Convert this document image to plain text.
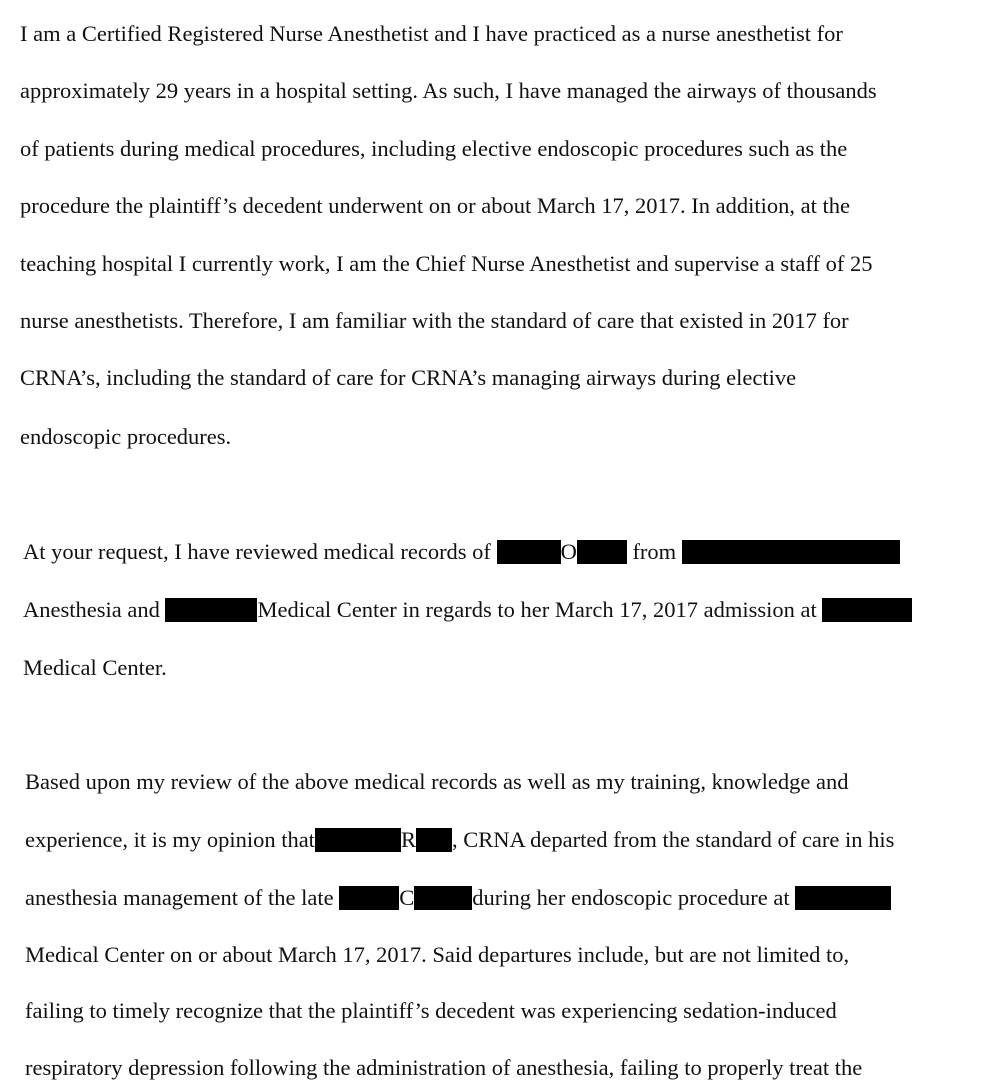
I am a Certified Registered Nurse Anesthetist and I have practiced as a nurse anesthetist for
approximately 29 years in a hospital setting. As such, I have managed the airways of thousands
of patients during medical procedures, including elective endoscopic procedures such as the
procedure the plaintiff’s decedent underwent on or about March 17, 2017. In addition, at the
teaching hospital I currently work, I am the Chief Nurse Anesthetist and supervise a staff of 25
nurse anesthetists. Therefore, I am familiar with the standard of care that existed in 2017 for
CRNA’s, including the standard of care for CRNA’s managing airways during elective
endoscopic procedures.
At your request, I have reviewed medical records of	O from
Anesthesia and	Medical Center in regards to her March 17, 2017 admission at
Medical Center.
Based upon my review of the above medical records as well as my training, knowledge and
experience, it is my opinion that	R , CRNA departed from the standard of care in his
anesthesia management of the late	C	during her endoscopic procedure at
Medical Center on or about March 17, 2017. Said departures include, but are not limited to,
failing to timely recognize that the plaintiff’s decedent was experiencing sedation-induced
respiratory depression following the administration of anesthesia, failing to properly treat the
